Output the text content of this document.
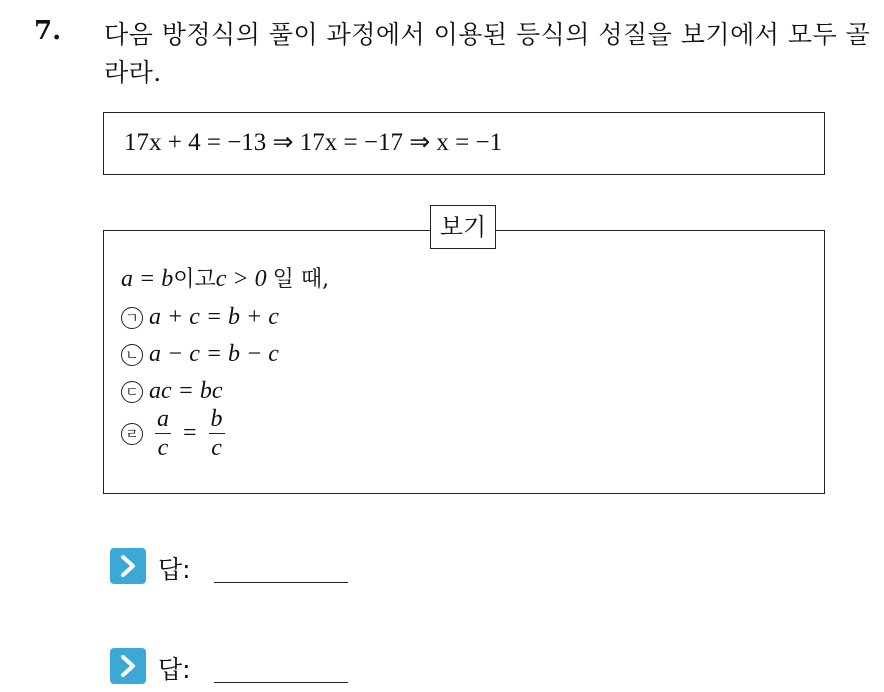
7. 다음 방정식의 풀이 과정에서 이용된 등식의 성질을 보기에서 모두 골라라.
17x + 4 = −13 ⇒ 17x = −17 ⇒ x = −1
보기
a = b이고c > 0 일 때,
ㄱ a + c = b + c
ㄴ a − c = b − c
ㄷ ac = bc
ㄹ $\frac{a}{c} = \frac{b}{c}$
답:
답:
